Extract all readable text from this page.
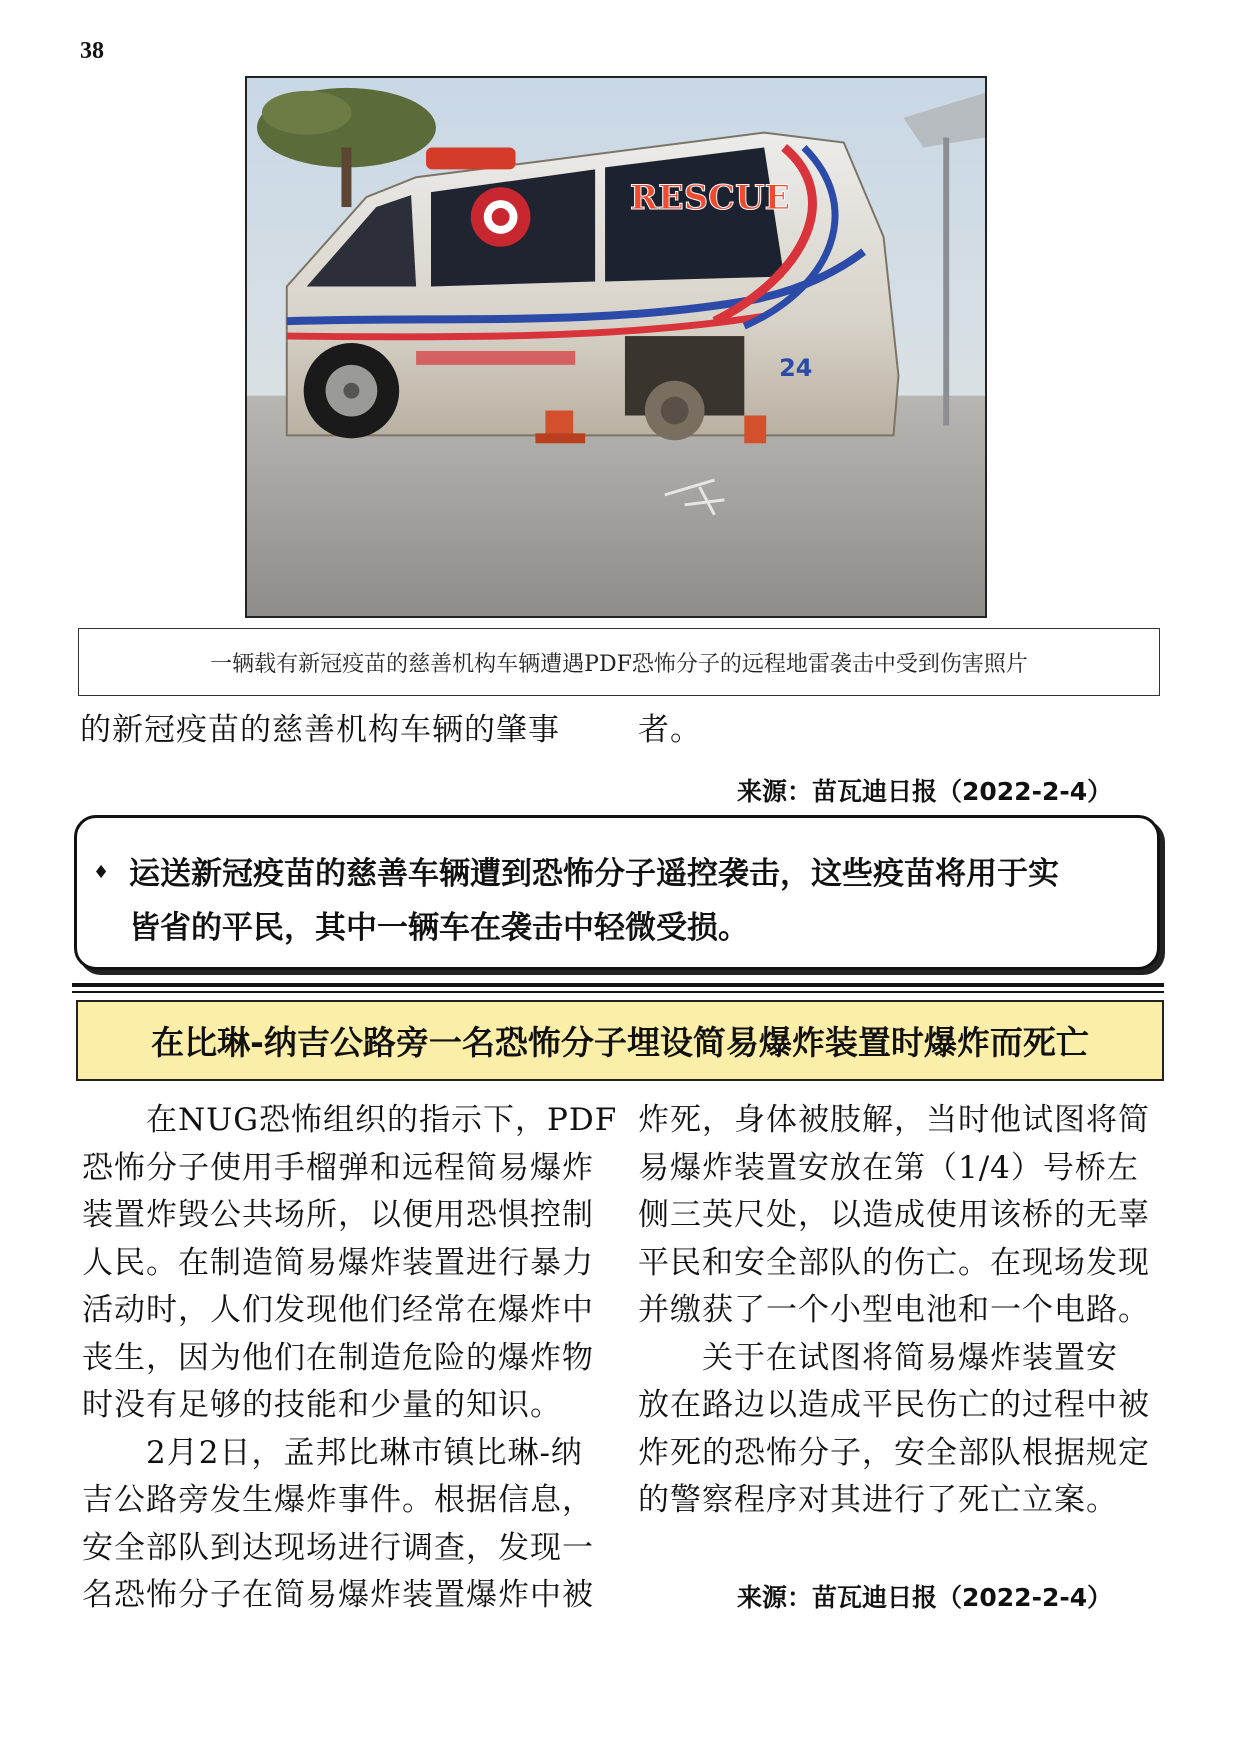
38
RESCUE
24
一辆载有新冠疫苗的慈善机构车辆遭遇PDF恐怖分子的远程地雷袭击中受到伤害照片
的新冠疫苗的慈善机构车辆的肇事	者。
来源：苗瓦迪日报（2022-2-4）
♦ 运送新冠疫苗的慈善车辆遭到恐怖分子遥控袭击，这些疫苗将用于实
皆省的平民，其中一辆车在袭击中轻微受损。
在比琳-纳吉公路旁一名恐怖分子埋设简易爆炸装置时爆炸而死亡
　　在NUG恐怖组织的指示下，PDF
恐怖分子使用手榴弹和远程简易爆炸
装置炸毁公共场所，以便用恐惧控制
人民。在制造简易爆炸装置进行暴力
活动时，人们发现他们经常在爆炸中
丧生，因为他们在制造危险的爆炸物
时没有足够的技能和少量的知识。
　　2月2日，孟邦比琳市镇比琳-纳
吉公路旁发生爆炸事件。根据信息，
安全部队到达现场进行调查，发现一
名恐怖分子在简易爆炸装置爆炸中被
炸死，身体被肢解，当时他试图将简
易爆炸装置安放在第（1/4）号桥左
侧三英尺处，以造成使用该桥的无辜
平民和安全部队的伤亡。在现场发现
并缴获了一个小型电池和一个电路。
　　关于在试图将简易爆炸装置安
放在路边以造成平民伤亡的过程中被
炸死的恐怖分子，安全部队根据规定
的警察程序对其进行了死亡立案。
来源：苗瓦迪日报（2022-2-4）
